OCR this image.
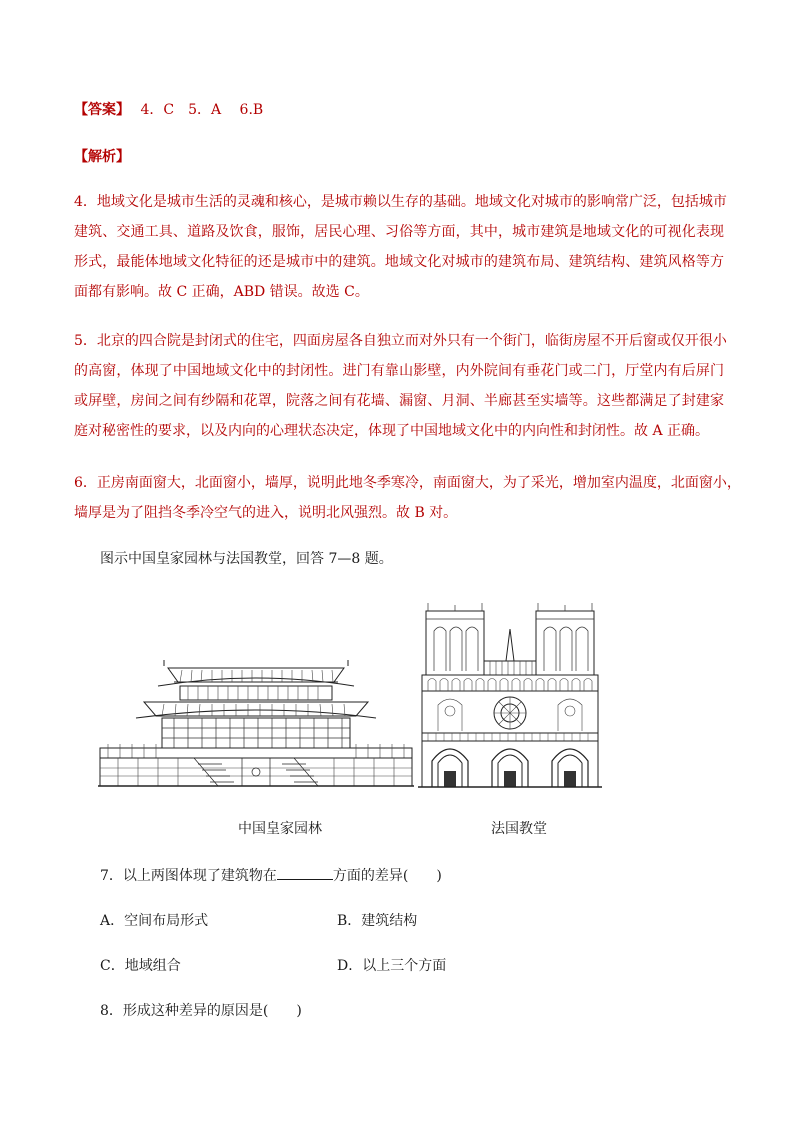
【答案】 4．C　5．A　 6.B
【解析】
4．地域文化是城市生活的灵魂和核心，是城市赖以生存的基础。地域文化对城市的影响常广泛，包括城市
建筑、交通工具、道路及饮食，服饰，居民心理、习俗等方面，其中，城市建筑是地域文化的可视化表现
形式，最能体地域文化特征的还是城市中的建筑。地域文化对城市的建筑布局、建筑结构、建筑风格等方
面都有影响。故 C 正确，ABD 错误。故选 C。
5．北京的四合院是封闭式的住宅，四面房屋各自独立而对外只有一个街门，临街房屋不开后窗或仅开很小
的高窗，体现了中国地域文化中的封闭性。进门有靠山影壁，内外院间有垂花门或二门，厅堂内有后屏门
或屏壁，房间之间有纱隔和花罩，院落之间有花墙、漏窗、月洞、半廊甚至实墙等。这些都满足了封建家
庭对秘密性的要求，以及内向的心理状态决定，体现了中国地域文化中的内向性和封闭性。故 A 正确。
6．正房南面窗大，北面窗小，墙厚，说明此地冬季寒冷，南面窗大，为了采光，增加室内温度，北面窗小，
墙厚是为了阻挡冬季冷空气的进入，说明北风强烈。故 B 对。
图示中国皇家园林与法国教堂，回答 7—8 题。
中国皇家园林	法国教堂
7．以上两图体现了建筑物在	方面的差异(　　)
A．空间布局形式	B．建筑结构
C．地域组合	D．以上三个方面
8．形成这种差异的原因是(　　)
